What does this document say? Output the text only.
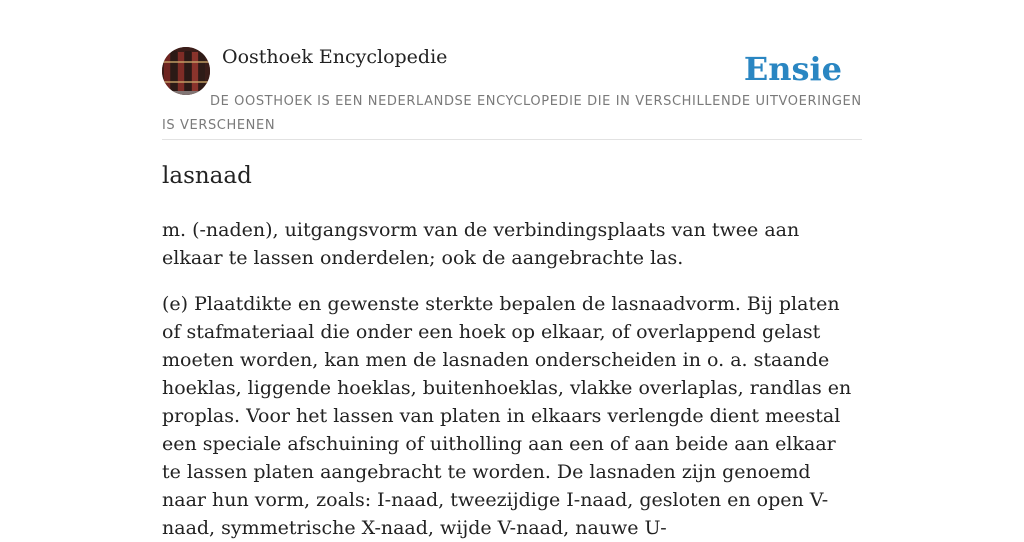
Oosthoek Encyclopedie	Ensie
DE OOSTHOEK IS EEN NEDERLANDSE ENCYCLOPEDIE DIE IN VERSCHILLENDE UITVOERINGEN IS VERSCHENEN
lasnaad

m. (-naden), uitgangsvorm van de verbindingsplaats van twee aan elkaar te lassen onderdelen; ook de aangebrachte las.

(e) Plaatdikte en gewenste sterkte bepalen de lasnaadvorm. Bij platen of stafmateriaal die onder een hoek op elkaar, of overlappend gelast moeten worden, kan men de lasnaden onderscheiden in o. a. staande hoeklas, liggende hoeklas, buitenhoeklas, vlakke overlaplas, randlas en proplas. Voor het lassen van platen in elkaars verlengde dient meestal een speciale afschuining of uitholling aan een of aan beide aan elkaar te lassen platen aangebracht te worden. De lasnaden zijn genoemd naar hun vorm, zoals: I-naad, tweezijdige I-naad, gesloten en open V-naad, symmetrische X-naad, wijde V-naad, nauwe U-
